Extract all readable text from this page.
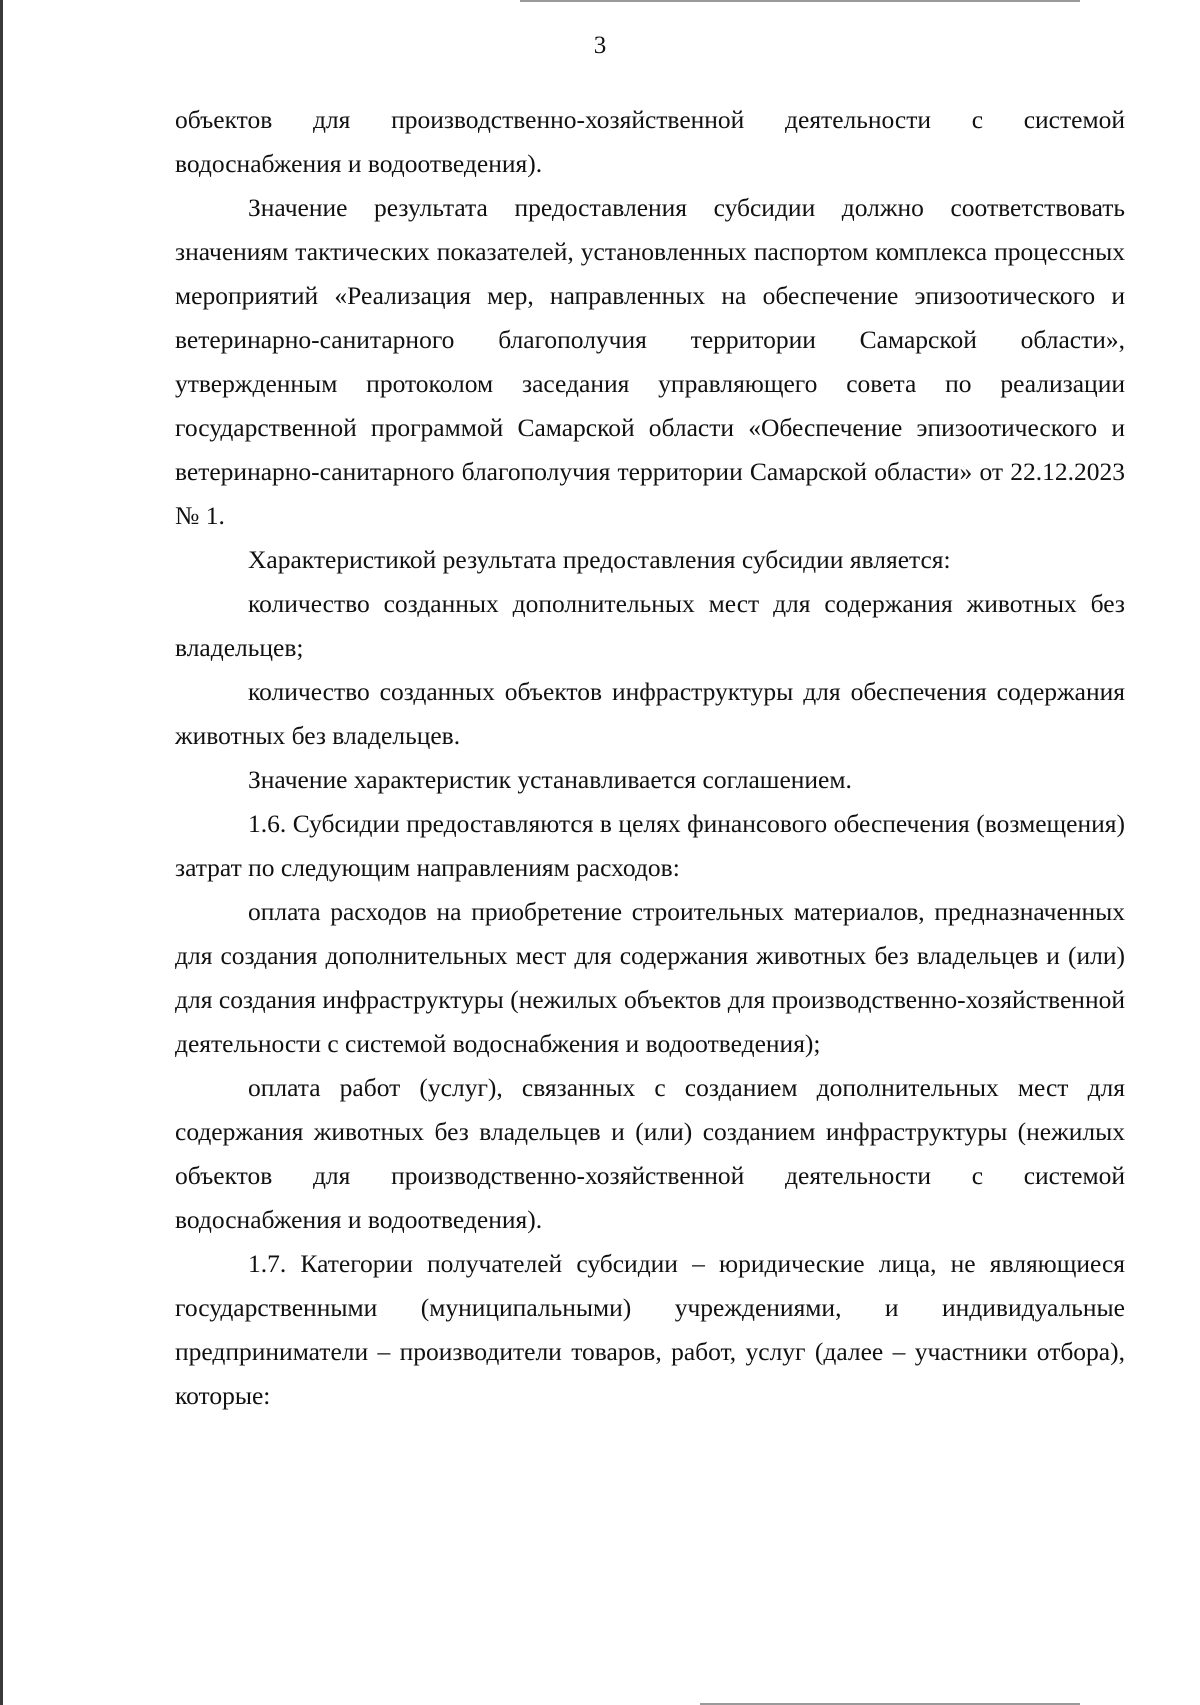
3

объектов для производственно-хозяйственной деятельности с системой водоснабжения и водоотведения).

Значение результата предоставления субсидии должно соответствовать значениям тактических показателей, установленных паспортом комплекса процессных мероприятий «Реализация мер, направленных на обеспечение эпизоотического и ветеринарно-санитарного благополучия территории Самарской области», утвержденным протоколом заседания управляющего совета по реализации государственной программой Самарской области «Обеспечение эпизоотического и ветеринарно-санитарного благополучия территории Самарской области» от 22.12.2023 № 1.

Характеристикой результата предоставления субсидии является:

количество созданных дополнительных мест для содержания животных без владельцев;

количество созданных объектов инфраструктуры для обеспечения содержания животных без владельцев.

Значение характеристик устанавливается соглашением.

1.6. Субсидии предоставляются в целях финансового обеспечения (возмещения) затрат по следующим направлениям расходов:

оплата расходов на приобретение строительных материалов, предназначенных для создания дополнительных мест для содержания животных без владельцев и (или) для создания инфраструктуры (нежилых объектов для производственно-хозяйственной деятельности с системой водоснабжения и водоотведения);

оплата работ (услуг), связанных с созданием дополнительных мест для содержания животных без владельцев и (или) созданием инфраструктуры (нежилых объектов для производственно-хозяйственной деятельности с системой водоснабжения и водоотведения).

1.7. Категории получателей субсидии – юридические лица, не являющиеся государственными (муниципальными) учреждениями, и индивидуальные предприниматели – производители товаров, работ, услуг (далее – участники отбора), которые:
